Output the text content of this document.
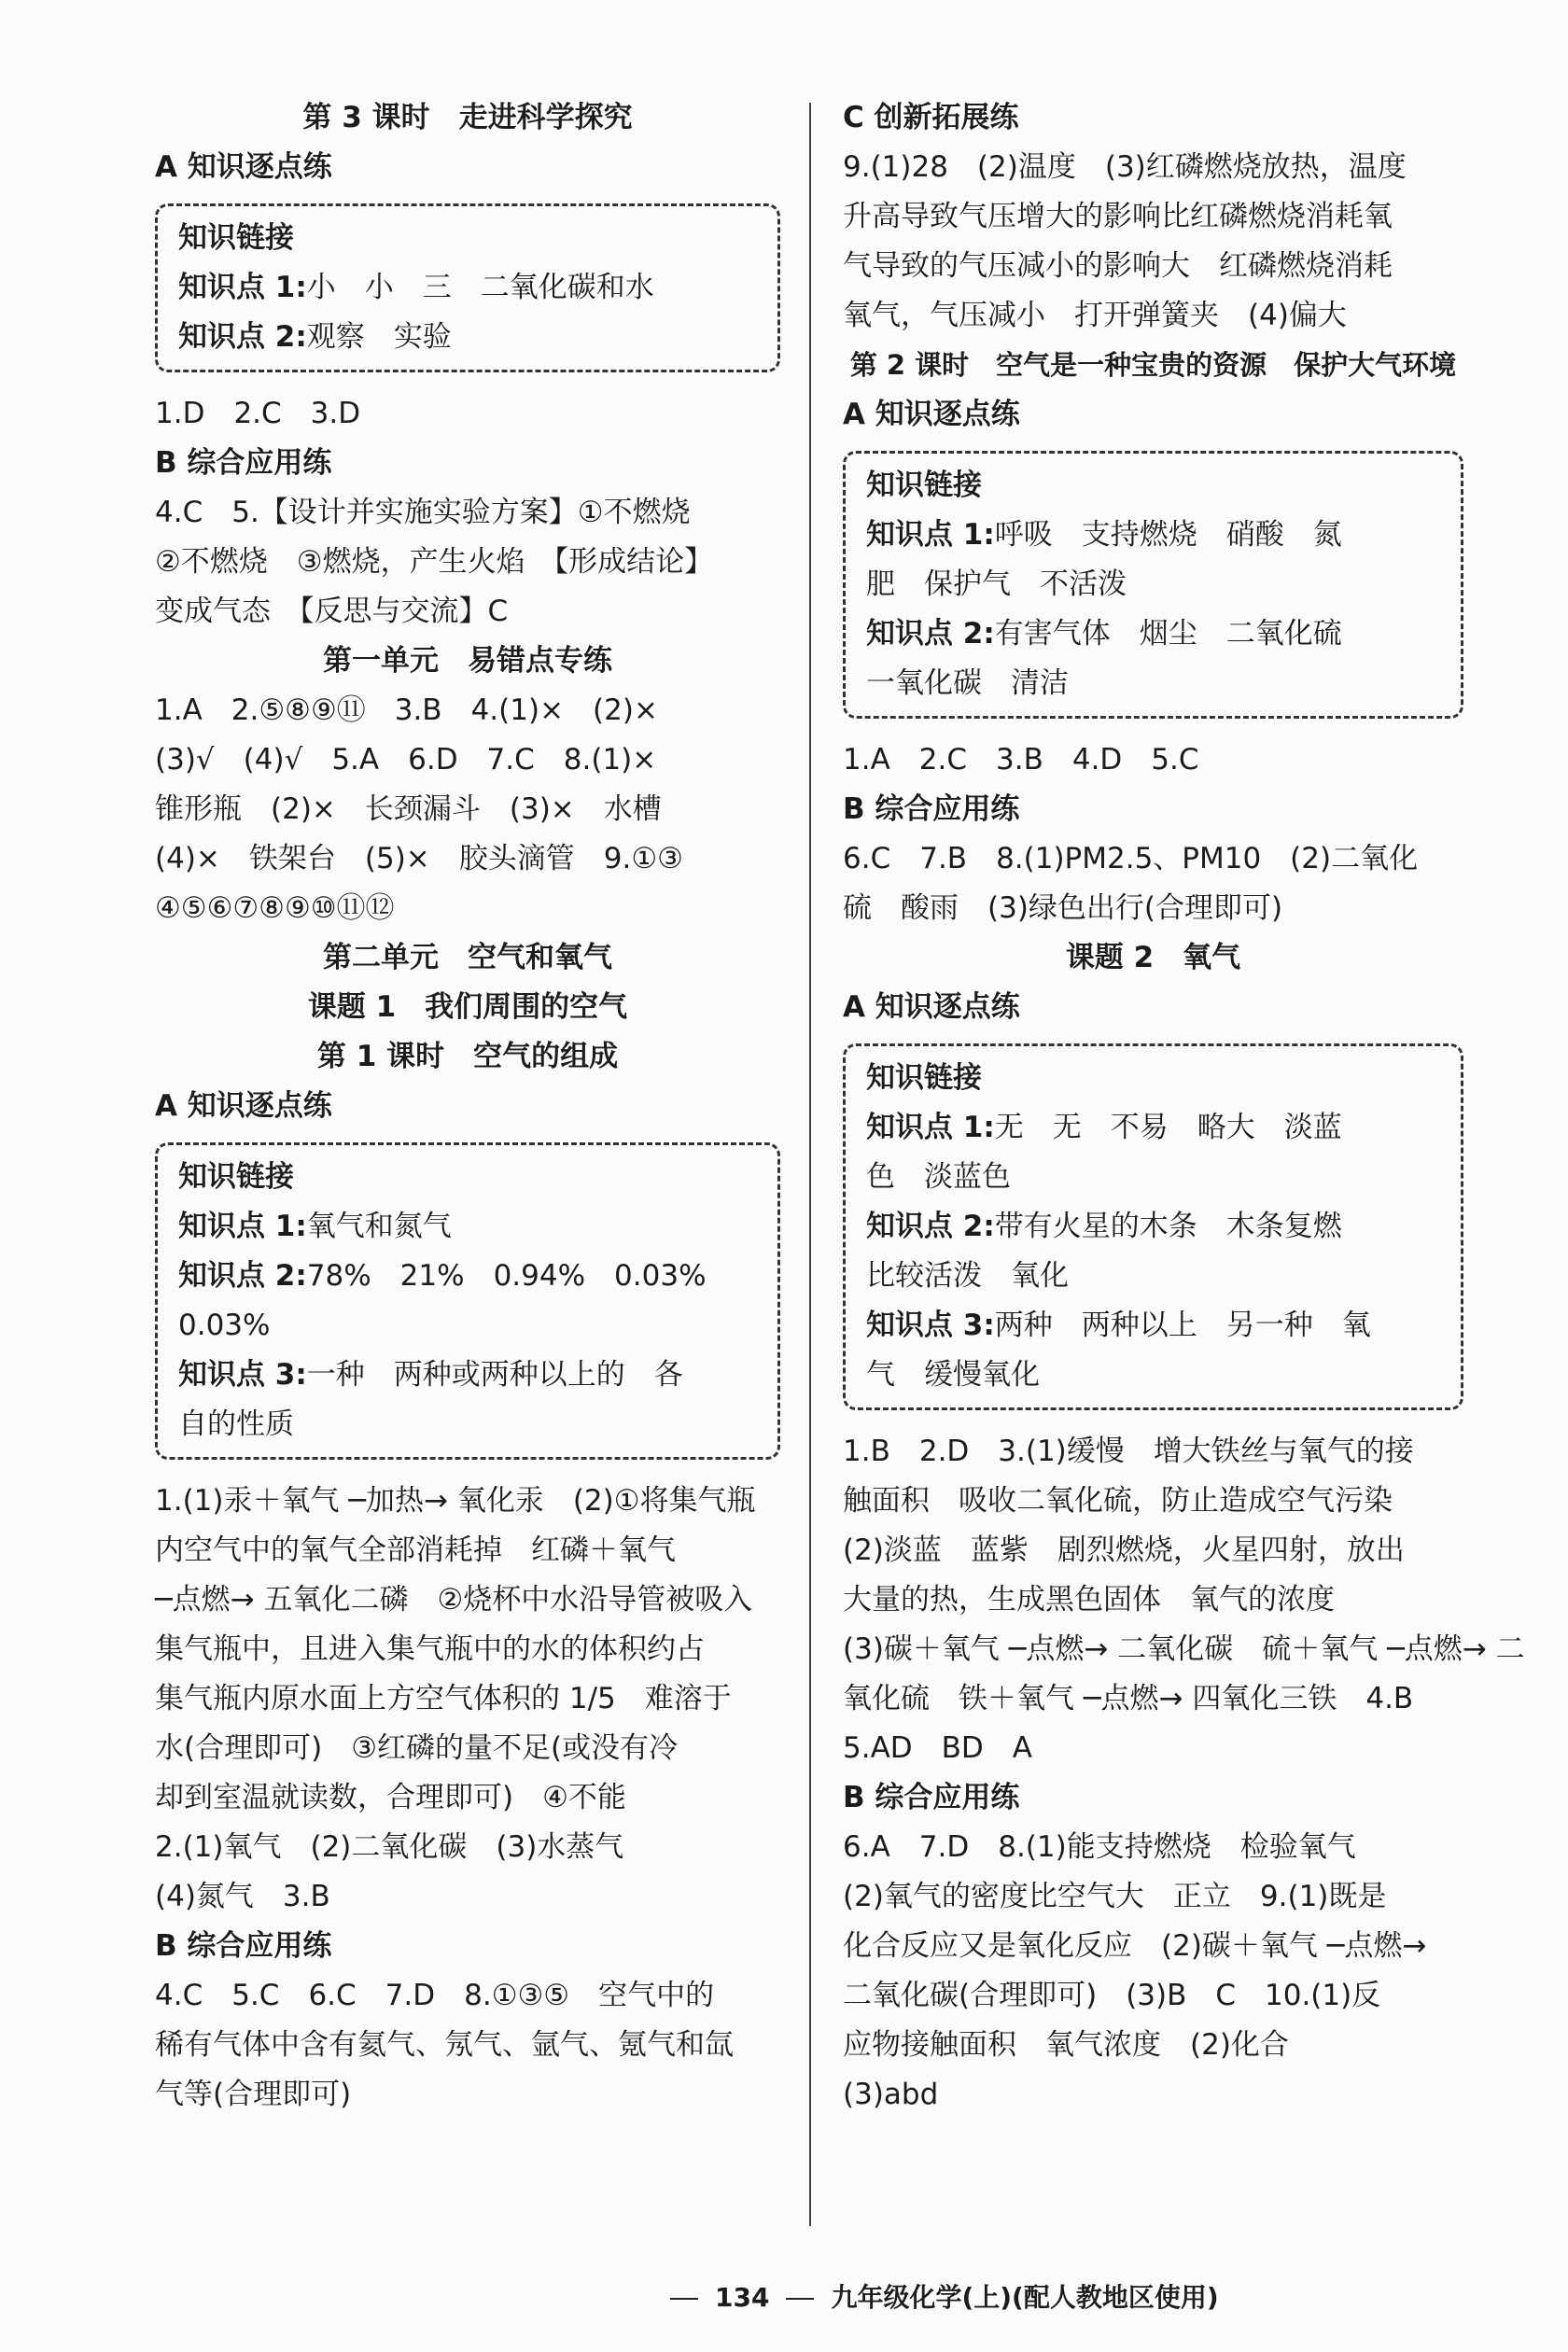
第 3 课时　走进科学探究
A 知识逐点练
知识链接
知识点 1:小　小　三　二氧化碳和水
知识点 2:观察　实验
1.D　2.C　3.D
B 综合应用练
4.C　5.【设计并实施实验方案】①不燃烧
②不燃烧　③燃烧，产生火焰　【形成结论】
变成气态　【反思与交流】C
第一单元　易错点专练
1.A　2.⑤⑧⑨⑪　3.B　4.(1)×　(2)×
(3)√　(4)√　5.A　6.D　7.C　8.(1)×
锥形瓶　(2)×　长颈漏斗　(3)×　水槽
(4)×　铁架台　(5)×　胶头滴管　9.①③
④⑤⑥⑦⑧⑨⑩⑪⑫
第二单元　空气和氧气
课题 1　我们周围的空气
第 1 课时　空气的组成
A 知识逐点练
知识链接
知识点 1:氧气和氮气
知识点 2:78%　21%　0.94%　0.03%
0.03%
知识点 3:一种　两种或两种以上的　各
自的性质
1.(1)汞＋氧气 ─加热→ 氧化汞　(2)①将集气瓶
内空气中的氧气全部消耗掉　红磷＋氧气
─点燃→ 五氧化二磷　②烧杯中水沿导管被吸入
集气瓶中，且进入集气瓶中的水的体积约占
集气瓶内原水面上方空气体积的 1/5　难溶于
水(合理即可)　③红磷的量不足(或没有冷
却到室温就读数，合理即可)　④不能
2.(1)氧气　(2)二氧化碳　(3)水蒸气
(4)氮气　3.B
B 综合应用练
4.C　5.C　6.C　7.D　8.①③⑤　空气中的
稀有气体中含有氦气、氖气、氩气、氪气和氙
气等(合理即可)
C 创新拓展练
9.(1)28　(2)温度　(3)红磷燃烧放热，温度
升高导致气压增大的影响比红磷燃烧消耗氧
气导致的气压减小的影响大　红磷燃烧消耗
氧气，气压减小　打开弹簧夹　(4)偏大
第 2 课时　空气是一种宝贵的资源　保护大气环境
A 知识逐点练
知识链接
知识点 1:呼吸　支持燃烧　硝酸　氮
肥　保护气　不活泼
知识点 2:有害气体　烟尘　二氧化硫
一氧化碳　清洁
1.A　2.C　3.B　4.D　5.C
B 综合应用练
6.C　7.B　8.(1)PM2.5、PM10　(2)二氧化
硫　酸雨　(3)绿色出行(合理即可)
课题 2　氧气
A 知识逐点练
知识链接
知识点 1:无　无　不易　略大　淡蓝
色　淡蓝色
知识点 2:带有火星的木条　木条复燃
比较活泼　氧化
知识点 3:两种　两种以上　另一种　氧
气　缓慢氧化
1.B　2.D　3.(1)缓慢　增大铁丝与氧气的接
触面积　吸收二氧化硫，防止造成空气污染
(2)淡蓝　蓝紫　剧烈燃烧，火星四射，放出
大量的热，生成黑色固体　氧气的浓度
(3)碳＋氧气 ─点燃→ 二氧化碳　硫＋氧气 ─点燃→ 二
氧化硫　铁＋氧气 ─点燃→ 四氧化三铁　4.B
5.AD　BD　A
B 综合应用练
6.A　7.D　8.(1)能支持燃烧　检验氧气
(2)氧气的密度比空气大　正立　9.(1)既是
化合反应又是氧化反应　(2)碳＋氧气 ─点燃→
二氧化碳(合理即可)　(3)B　C　10.(1)反
应物接触面积　氧气浓度　(2)化合
(3)abd
134 九年级化学(上)(配人教地区使用)
